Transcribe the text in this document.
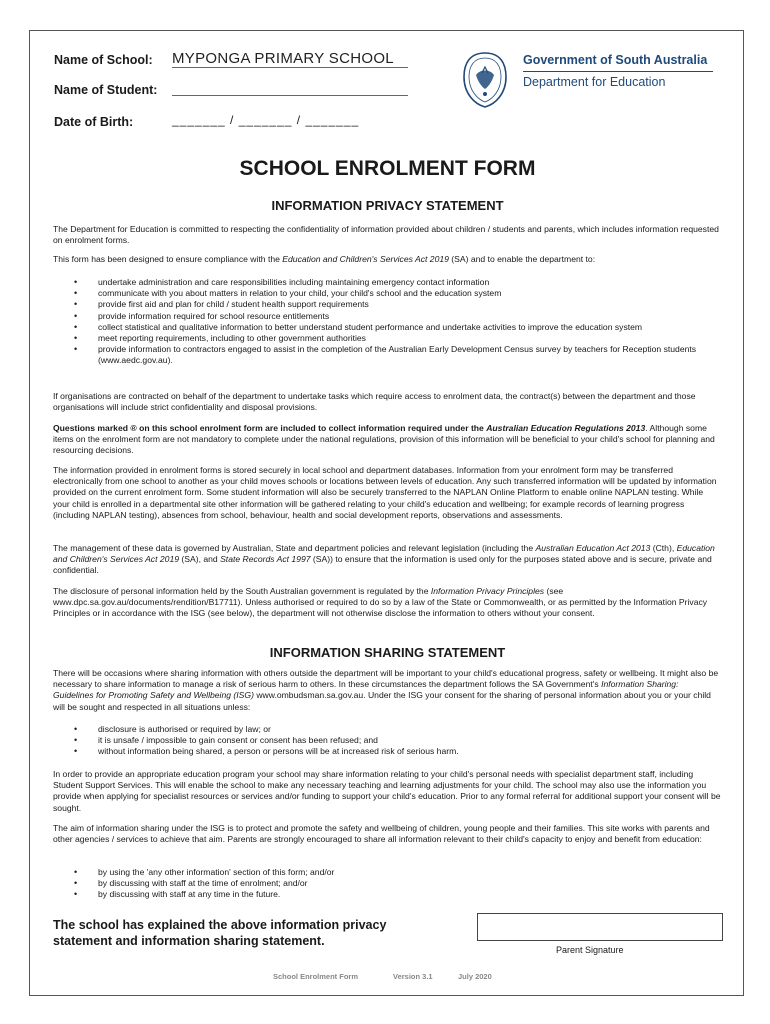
Name of School: MYPONGA PRIMARY SCHOOL
Name of Student:
Date of Birth:	_______ / _______ / _______
Government of South Australia
Department for Education
SCHOOL ENROLMENT FORM
INFORMATION PRIVACY STATEMENT
The Department for Education is committed to respecting the confidentiality of information provided about children / students and parents, which includes information requested on enrolment forms.
This form has been designed to ensure compliance with the Education and Children's Services Act 2019 (SA) and to enable the department to:
• undertake administration and care responsibilities including maintaining emergency contact information
• communicate with you about matters in relation to your child, your child's school and the education system
• provide first aid and plan for child / student health support requirements
• provide information required for school resource entitlements
• collect statistical and qualitative information to better understand student performance and undertake activities to improve the education system
• meet reporting requirements, including to other government authorities
• provide information to contractors engaged to assist in the completion of the Australian Early Development Census survey by teachers for Reception students (www.aedc.gov.au).
If organisations are contracted on behalf of the department to undertake tasks which require access to enrolment data, the contract(s) between the department and those organisations will include strict confidentiality and disposal provisions.
Questions marked ® on this school enrolment form are included to collect information required under the Australian Education Regulations 2013. Although some items on the enrolment form are not mandatory to complete under the national regulations, provision of this information will be beneficial to your child's school for planning and resourcing decisions.
The information provided in enrolment forms is stored securely in local school and department databases. Information from your enrolment form may be transferred electronically from one school to another as your child moves schools or locations between levels of education. Any such transferred information will be updated by information provided on the current enrolment form. Some student information will also be securely transferred to the NAPLAN Online Platform to enable online NAPLAN testing. While your child is enrolled in a departmental site other information will be gathered relating to your child's education and wellbeing; for example records of learning progress (including NAPLAN testing), absences from school, behaviour, health and social development reports, observations and assessments.
The management of these data is governed by Australian, State and department policies and relevant legislation (including the Australian Education Act 2013 (Cth), Education and Children's Services Act 2019 (SA), and State Records Act 1997 (SA)) to ensure that the information is used only for the purposes stated above and is secure, private and confidential.
The disclosure of personal information held by the South Australian government is regulated by the Information Privacy Principles (see www.dpc.sa.gov.au/documents/rendition/B17711). Unless authorised or required to do so by a law of the State or Commonwealth, or as permitted by the Information Privacy Principles or in accordance with the ISG (see below), the department will not otherwise disclose the information to others without your consent.
INFORMATION SHARING STATEMENT
There will be occasions where sharing information with others outside the department will be important to your child's educational progress, safety or wellbeing. It might also be necessary to share information to manage a risk of serious harm to others. In these circumstances the department follows the SA Government's Information Sharing: Guidelines for Promoting Safety and Wellbeing (ISG) www.ombudsman.sa.gov.au. Under the ISG your consent for the sharing of personal information about you or your child will be sought and respected in all situations unless:
• disclosure is authorised or required by law; or
• it is unsafe / impossible to gain consent or consent has been refused; and
• without information being shared, a person or persons will be at increased risk of serious harm.
In order to provide an appropriate education program your school may share information relating to your child's personal needs with specialist department staff, including Student Support Services. This will enable the school to make any necessary teaching and learning adjustments for your child. The school may also use the information you provide when applying for specialist resources or services and/or funding to support your child's education. Prior to any formal referral for additional support your consent will be sought.
The aim of information sharing under the ISG is to protect and promote the safety and wellbeing of children, young people and their families. This site works with parents and other agencies / services to achieve that aim. Parents are strongly encouraged to share all information relevant to their child's capacity to enjoy and benefit from education:
• by using the 'any other information' section of this form; and/or
• by discussing with staff at the time of enrolment; and/or
• by discussing with staff at any time in the future.
The school has explained the above information privacy statement and information sharing statement.
Parent Signature
School Enrolment Form	Version 3.1	July 2020
